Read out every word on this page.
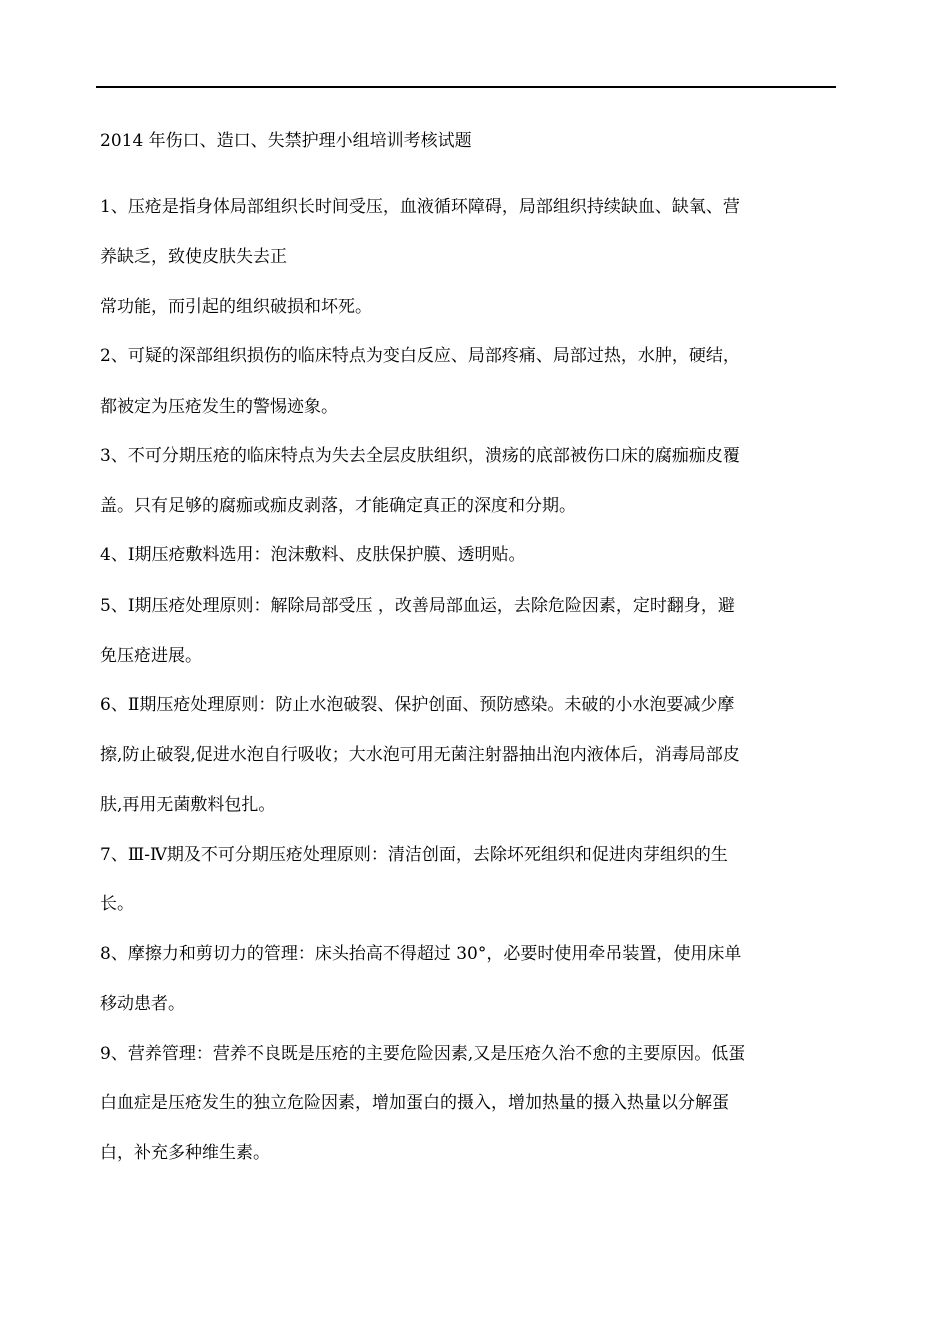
2014 年伤口、造口、失禁护理小组培训考核试题
1、压疮是指身体局部组织长时间受压，血液循环障碍，局部组织持续缺血、缺氧、营
养缺乏，致使皮肤失去正
常功能，而引起的组织破损和坏死。
2、可疑的深部组织损伤的临床特点为变白反应、局部疼痛、局部过热，水肿，硬结，
都被定为压疮发生的警惕迹象。
3、不可分期压疮的临床特点为失去全层皮肤组织，溃疡的底部被伤口床的腐痂痂皮覆
盖。只有足够的腐痂或痂皮剥落，才能确定真正的深度和分期。
4、Ⅰ期压疮敷料选用：泡沫敷料、皮肤保护膜、透明贴。
5、Ⅰ期压疮处理原则：解除局部受压 ，改善局部血运，去除危险因素，定时翻身，避
免压疮进展。
6、Ⅱ期压疮处理原则：防止水泡破裂、保护创面、预防感染。未破的小水泡要减少摩
擦,防止破裂,促进水泡自行吸收；大水泡可用无菌注射器抽出泡内液体后，消毒局部皮
肤,再用无菌敷料包扎。
7、Ⅲ-Ⅳ期及不可分期压疮处理原则：清洁创面，去除坏死组织和促进肉芽组织的生
长。
8、摩擦力和剪切力的管理：床头抬高不得超过 30°，必要时使用牵吊装置，使用床单
移动患者。
9、营养管理：营养不良既是压疮的主要危险因素,又是压疮久治不愈的主要原因。低蛋
白血症是压疮发生的独立危险因素，增加蛋白的摄入，增加热量的摄入热量以分解蛋
白，补充多种维生素。
